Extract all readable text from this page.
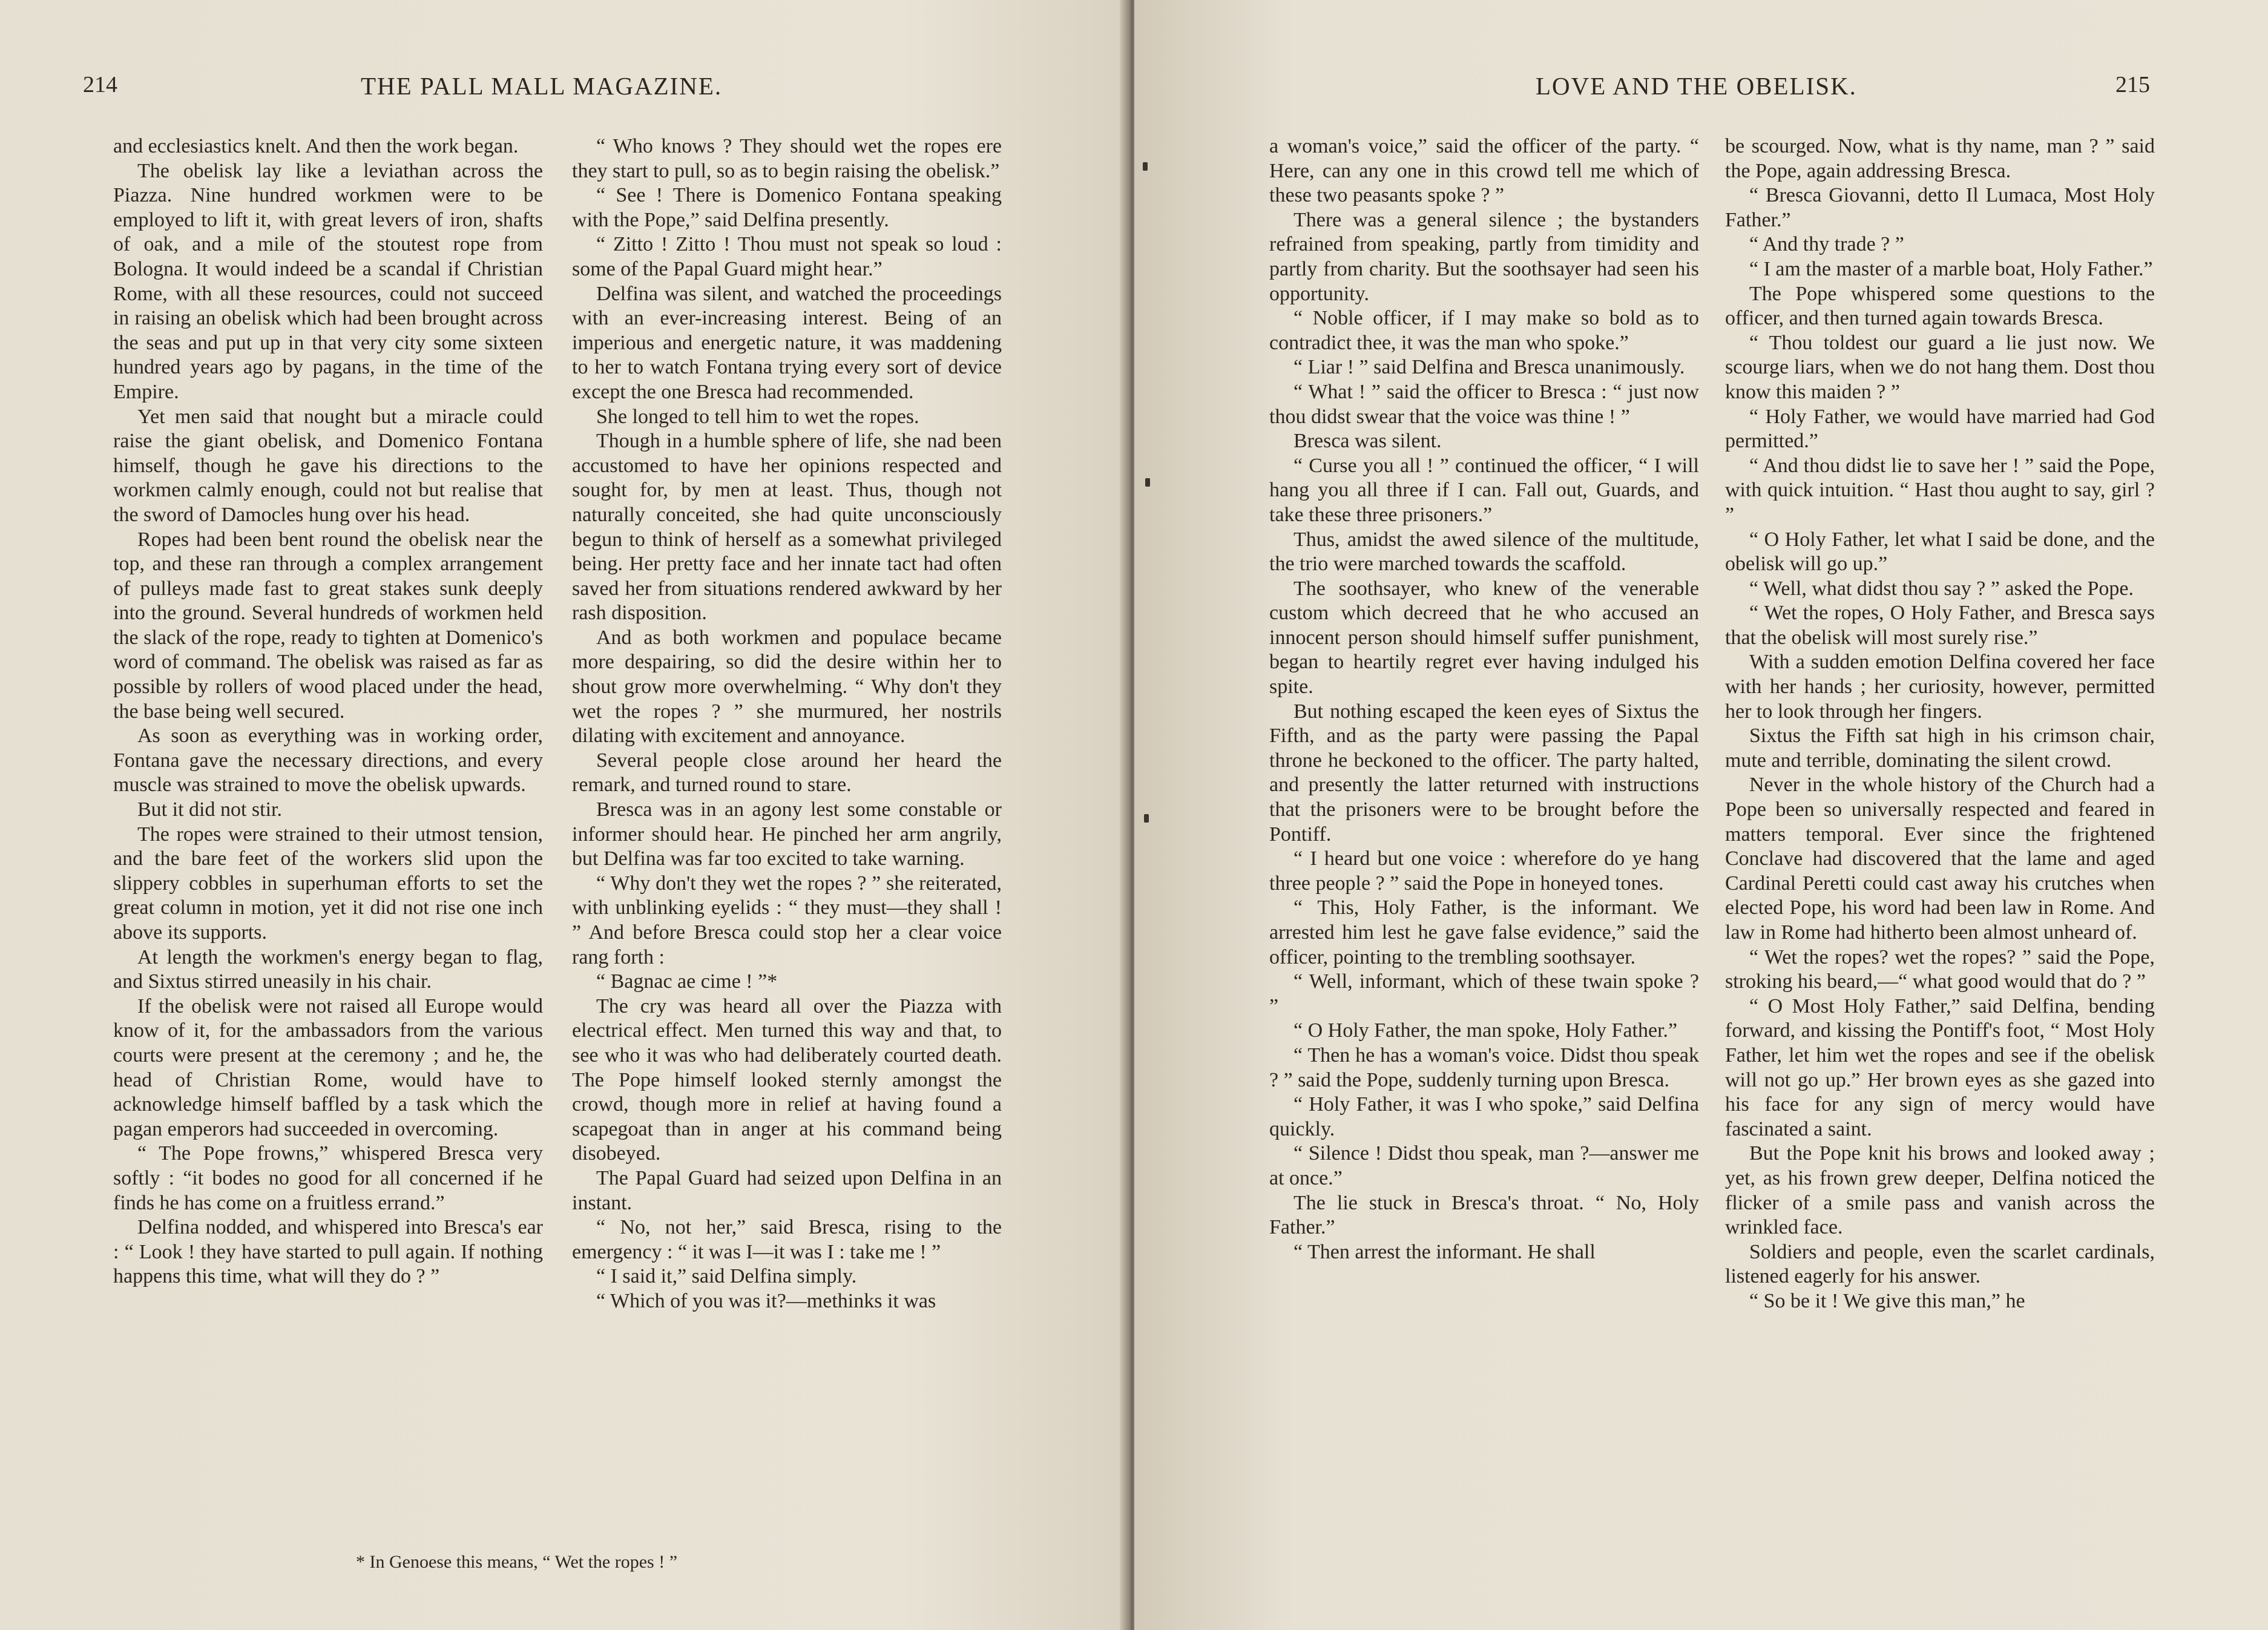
214	THE PALL MALL MAGAZINE.

and ecclesiastics knelt. And then the work began.

The obelisk lay like a leviathan across the Piazza. Nine hundred workmen were to be employed to lift it, with great levers of iron, shafts of oak, and a mile of the stoutest rope from Bologna. It would indeed be a scandal if Christian Rome, with all these resources, could not succeed in raising an obelisk which had been brought across the seas and put up in that very city some sixteen hundred years ago by pagans, in the time of the Empire.

Yet men said that nought but a miracle could raise the giant obelisk, and Domenico Fontana himself, though he gave his directions to the workmen calmly enough, could not but realise that the sword of Damocles hung over his head.

Ropes had been bent round the obelisk near the top, and these ran through a complex arrangement of pulleys made fast to great stakes sunk deeply into the ground. Several hundreds of workmen held the slack of the rope, ready to tighten at Domenico's word of command. The obelisk was raised as far as possible by rollers of wood placed under the head, the base being well secured.

As soon as everything was in working order, Fontana gave the necessary directions, and every muscle was strained to move the obelisk upwards.

But it did not stir.

The ropes were strained to their utmost tension, and the bare feet of the workers slid upon the slippery cobbles in superhuman efforts to set the great column in motion, yet it did not rise one inch above its supports.

At length the workmen's energy began to flag, and Sixtus stirred uneasily in his chair.

If the obelisk were not raised all Europe would know of it, for the ambassadors from the various courts were present at the ceremony ; and he, the head of Christian Rome, would have to acknowledge himself baffled by a task which the pagan emperors had succeeded in overcoming.

“ The Pope frowns,” whispered Bresca very softly : “it bodes no good for all concerned if he finds he has come on a fruitless errand.”

Delfina nodded, and whispered into Bresca's ear : “ Look ! they have started to pull again. If nothing happens this time, what will they do ? ”

“ Who knows ? They should wet the ropes ere they start to pull, so as to begin raising the obelisk.”

“ See ! There is Domenico Fontana speaking with the Pope,” said Delfina presently.

“ Zitto ! Zitto ! Thou must not speak so loud : some of the Papal Guard might hear.”

Delfina was silent, and watched the proceedings with an ever-increasing interest. Being of an imperious and energetic nature, it was maddening to her to watch Fontana trying every sort of device except the one Bresca had recommended.

She longed to tell him to wet the ropes.

Though in a humble sphere of life, she nad been accustomed to have her opinions respected and sought for, by men at least. Thus, though not naturally conceited, she had quite unconsciously begun to think of herself as a somewhat privileged being. Her pretty face and her innate tact had often saved her from situations rendered awkward by her rash disposition.

And as both workmen and populace became more despairing, so did the desire within her to shout grow more overwhelming. “ Why don't they wet the ropes ? ” she murmured, her nostrils dilating with excitement and annoyance.

Several people close around her heard the remark, and turned round to stare.

Bresca was in an agony lest some constable or informer should hear. He pinched her arm angrily, but Delfina was far too excited to take warning.

“ Why don't they wet the ropes ? ” she reiterated, with unblinking eyelids : “ they must—they shall ! ” And before Bresca could stop her a clear voice rang forth :

“ Bagnac ae cime ! ”*

The cry was heard all over the Piazza with electrical effect. Men turned this way and that, to see who it was who had deliberately courted death. The Pope himself looked sternly amongst the crowd, though more in relief at having found a scapegoat than in anger at his command being disobeyed.

The Papal Guard had seized upon Delfina in an instant.

“ No, not her,” said Bresca, rising to the emergency : “ it was I—it was I : take me ! ”

“ I said it,” said Delfina simply.

“ Which of you was it?—methinks it was

* In Genoese this means, “ Wet the ropes ! ”
LOVE AND THE OBELISK.	215

a woman's voice,” said the officer of the party. “ Here, can any one in this crowd tell me which of these two peasants spoke ? ”

There was a general silence ; the bystanders refrained from speaking, partly from timidity and partly from charity. But the soothsayer had seen his opportunity.

“ Noble officer, if I may make so bold as to contradict thee, it was the man who spoke.”

“ Liar ! ” said Delfina and Bresca unanimously.

“ What ! ” said the officer to Bresca : “ just now thou didst swear that the voice was thine ! ”

Bresca was silent.

“ Curse you all ! ” continued the officer, “ I will hang you all three if I can. Fall out, Guards, and take these three prisoners.”

Thus, amidst the awed silence of the multitude, the trio were marched towards the scaffold.

The soothsayer, who knew of the venerable custom which decreed that he who accused an innocent person should himself suffer punishment, began to heartily regret ever having indulged his spite.

But nothing escaped the keen eyes of Sixtus the Fifth, and as the party were passing the Papal throne he beckoned to the officer. The party halted, and presently the latter returned with instructions that the prisoners were to be brought before the Pontiff.

“ I heard but one voice : wherefore do ye hang three people ? ” said the Pope in honeyed tones.

“ This, Holy Father, is the informant. We arrested him lest he gave false evidence,” said the officer, pointing to the trembling soothsayer.

“ Well, informant, which of these twain spoke ? ”

“ O Holy Father, the man spoke, Holy Father.”

“ Then he has a woman's voice. Didst thou speak ? ” said the Pope, suddenly turning upon Bresca.

“ Holy Father, it was I who spoke,” said Delfina quickly.

“ Silence ! Didst thou speak, man ?—answer me at once.”

The lie stuck in Bresca's throat. “ No, Holy Father.”

“ Then arrest the informant. He shall

be scourged. Now, what is thy name, man ? ” said the Pope, again addressing Bresca.

“ Bresca Giovanni, detto Il Lumaca, Most Holy Father.”

“ And thy trade ? ”

“ I am the master of a marble boat, Holy Father.”

The Pope whispered some questions to the officer, and then turned again towards Bresca.

“ Thou toldest our guard a lie just now. We scourge liars, when we do not hang them. Dost thou know this maiden ? ”

“ Holy Father, we would have married had God permitted.”

“ And thou didst lie to save her ! ” said the Pope, with quick intuition. “ Hast thou aught to say, girl ? ”

“ O Holy Father, let what I said be done, and the obelisk will go up.”

“ Well, what didst thou say ? ” asked the Pope.

“ Wet the ropes, O Holy Father, and Bresca says that the obelisk will most surely rise.”

With a sudden emotion Delfina covered her face with her hands ; her curiosity, however, permitted her to look through her fingers.

Sixtus the Fifth sat high in his crimson chair, mute and terrible, dominating the silent crowd.

Never in the whole history of the Church had a Pope been so universally respected and feared in matters temporal. Ever since the frightened Conclave had discovered that the lame and aged Cardinal Peretti could cast away his crutches when elected Pope, his word had been law in Rome. And law in Rome had hitherto been almost unheard of.

“ Wet the ropes? wet the ropes? ” said the Pope, stroking his beard,—“ what good would that do ? ”

“ O Most Holy Father,” said Delfina, bending forward, and kissing the Pontiff's foot, “ Most Holy Father, let him wet the ropes and see if the obelisk will not go up.” Her brown eyes as she gazed into his face for any sign of mercy would have fascinated a saint.

But the Pope knit his brows and looked away ; yet, as his frown grew deeper, Delfina noticed the flicker of a smile pass and vanish across the wrinkled face.

Soldiers and people, even the scarlet cardinals, listened eagerly for his answer.

“ So be it ! We give this man,” he
